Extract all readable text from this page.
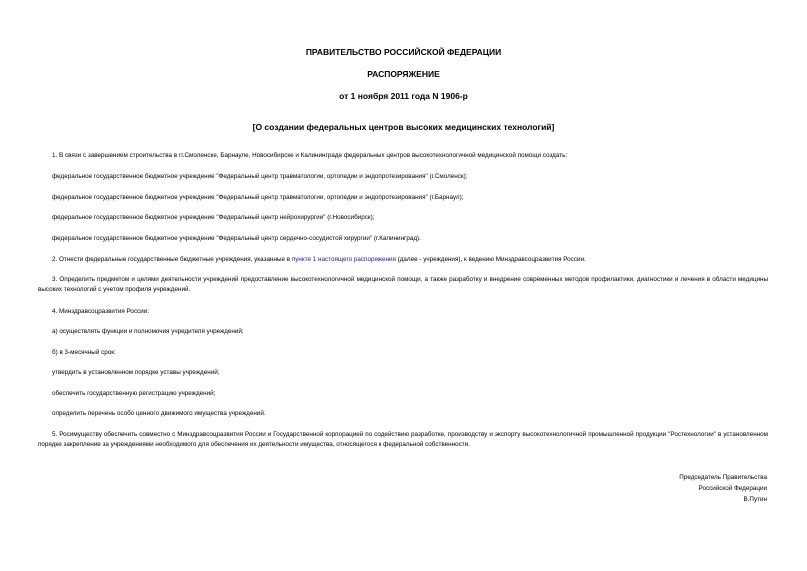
ПРАВИТЕЛЬСТВО РОССИЙСКОЙ ФЕДЕРАЦИИ
РАСПОРЯЖЕНИЕ
от 1 ноября 2011 года N 1906-р
[О создании федеральных центров высоких медицинских технологий]
1. В связи с завершением строительства в гг.Смоленске, Барнауле, Новосибирске и Калининграде федеральных центров высокотехнологичной медицинской помощи создать:
федеральное государственное бюджетное учреждение "Федеральный центр травматологии, ортопедии и эндопротезирования" (г.Смоленск);
федеральное государственное бюджетное учреждение "Федеральный центр травматологии, ортопедии и эндопротезирования" (г.Барнаул);
федеральное государственное бюджетное учреждение "Федеральный центр нейрохирургии" (г.Новосибирск);
федеральное государственное бюджетное учреждение "Федеральный центр сердечно-сосудистой хирургии" (г.Калининград).
2. Отнести федеральные государственные бюджетные учреждения, указанные в пункте 1 настоящего распоряжения (далее - учреждения), к ведению Минздравсоцразвития России.
3. Определить предметом и целями деятельности учреждений предоставление высокотехнологичной медицинской помощи, а также разработку и внедрение современных методов профилактики, диагностики и лечения в области медицины высоких технологий с учетом профиля учреждений.
4. Минздравсоцразвития России:
а) осуществлять функции и полномочия учредителя учреждений;
б) в 3-месячный срок:
утвердить в установленном порядке уставы учреждений;
обеспечить государственную регистрацию учреждений;
определить перечень особо ценного движимого имущества учреждений.
5. Росимуществу обеспечить совместно с Минздравсоцразвития России и Государственной корпорацией по содействию разработке, производству и экспорту высокотехнологичной промышленной продукции "Ростехнологии" в установленном порядке закрепление за учреждениями необходимого для обеспечения их деятельности имущества, относящегося к федеральной собственности.
Председатель Правительства
Российской Федерации
В.Путин
